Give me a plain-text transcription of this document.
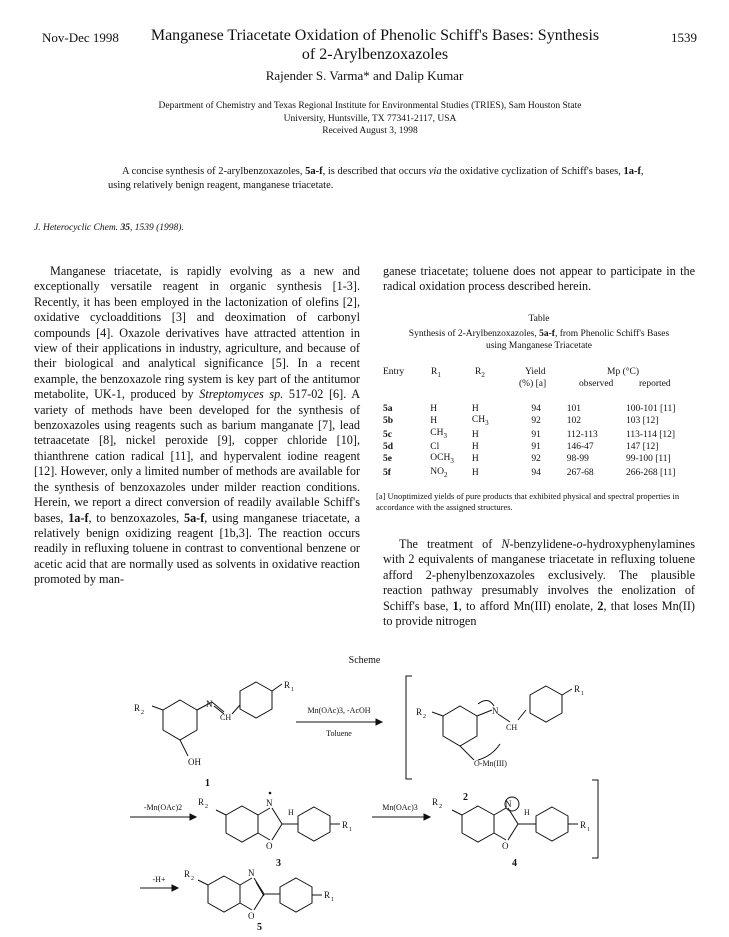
Nov-Dec 1998	Manganese Triacetate Oxidation of Phenolic Schiff's Bases: Synthesis
of 2-Arylbenzoxazoles
1539
Rajender S. Varma* and Dalip Kumar
Department of Chemistry and Texas Regional Institute for Environmental Studies (TRIES), Sam Houston State
University, Huntsville, TX 77341-2117, USA
Received August 3, 1998
A concise synthesis of 2-arylbenzoxazoles, 5a-f, is described that occurs via the oxidative cyclization of Schiff's bases, 1a-f, using relatively benign reagent, manganese triacetate.
J. Heterocyclic Chem. 35, 1539 (1998).
Manganese triacetate, is rapidly evolving as a new and exceptionally versatile reagent in organic synthesis [1-3]. Recently, it has been employed in the lactonization of olefins [2], oxidative cycloadditions [3] and deoximation of carbonyl compounds [4]. Oxazole derivatives have attracted attention in view of their applications in industry, agriculture, and because of their biological and analytical significance [5]. In a recent example, the benzoxazole ring system is key part of the antitumor metabolite, UK-1, produced by Streptomyces sp. 517-02 [6]. A variety of methods have been developed for the synthesis of benzoxazoles using reagents such as barium manganate [7], lead tetraacetate [8], nickel peroxide [9], copper chloride [10], thianthrene cation radical [11], and hypervalent iodine reagent [12]. However, only a limited number of methods are available for the synthesis of benzoxazoles under milder reaction conditions. Herein, we report a direct conversion of readily available Schiff's bases, 1a-f, to benzoxazoles, 5a-f, using manganese triacetate, a relatively benign oxidizing reagent [1b,3]. The reaction occurs readily in refluxing toluene in contrast to conventional benzene or acetic acid that are normally used as solvents in oxidative reaction promoted by man-
ganese triacetate; toluene does not appear to participate in the radical oxidation process described herein.
Table
Synthesis of 2-Arylbenzoxazoles, 5a-f, from Phenolic Schiff's Bases
using Manganese Triacetate
Entry	$R_1$	$R_2$	Yield
(%) [a]
Mp (°C)
observed	reported
5a	H	H	94	101	100-101 [11]
5b	H	$CH_3$	92	102	103 [12]
5c	$CH_3$	H	91	112-113	113-114 [12]
5d	Cl	H	91	146-47	147 [12]
5e	$OCH_3$	H	92	98-99	99-100 [11]
5f	$NO_2$	H	94	267-68	266-268 [11]
[a] Unoptimized yields of pure products that exhibited physical and spectral properties in accordance with the assigned structures.
The treatment of N-benzylidene-o-hydroxyphenylamines with 2 equivalents of manganese triacetate in refluxing toluene afford 2-phenylbenzoxazoles exclusively. The plausible reaction pathway presumably involves the enolization of Schiff's base, 1, to afford Mn(III) enolate, 2, that loses Mn(II) to provide nitrogen
Scheme
R 2
N
CH
R 1
OH
1
Mn(OAc)3, -AcOH
Toluene
R 2
N
CH
R 1
O-Mn(III)
2
-Mn(OAc)2
R 2	N
O
H
R 1
3
Mn(OAc)3
R 2	N
O
H
R 1
4
-H+
R 2
N
O
R 1
5
